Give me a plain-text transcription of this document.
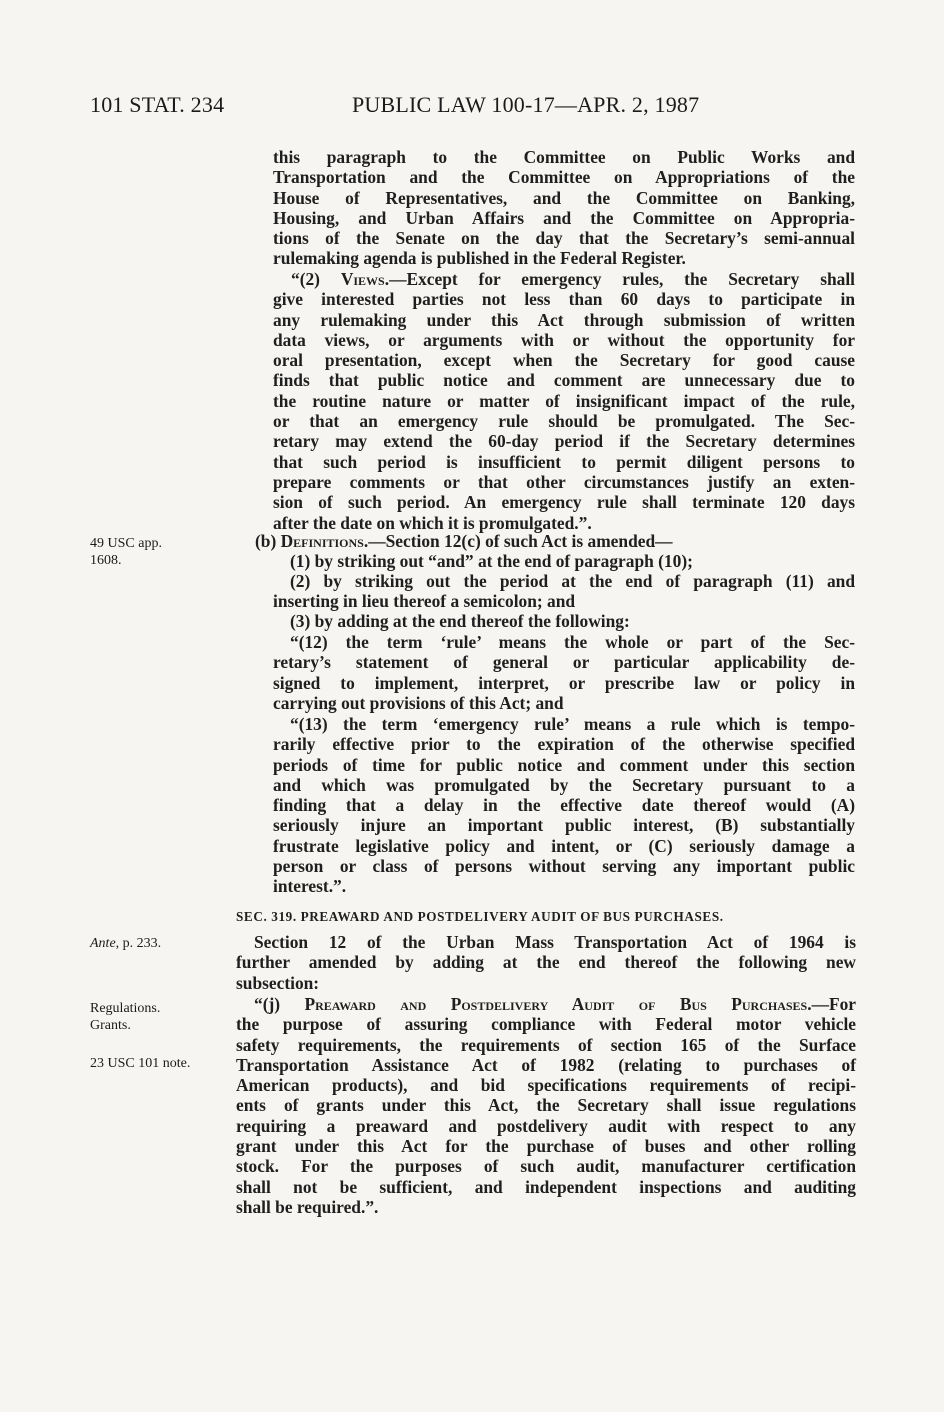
101 STAT. 234	PUBLIC LAW 100-17—APR. 2, 1987
this paragraph to the Committee on Public Works and
Transportation and the Committee on Appropriations of the
House of Representatives, and the Committee on Banking,
Housing, and Urban Affairs and the Committee on Appropria-
tions of the Senate on the day that the Secretary’s semi-annual
rulemaking agenda is published in the Federal Register.
“(2) Views.—Except for emergency rules, the Secretary shall
give interested parties not less than 60 days to participate in
any rulemaking under this Act through submission of written
data views, or arguments with or without the opportunity for
oral presentation, except when the Secretary for good cause
finds that public notice and comment are unnecessary due to
the routine nature or matter of insignificant impact of the rule,
or that an emergency rule should be promulgated. The Sec-
retary may extend the 60-day period if the Secretary determines
that such period is insufficient to permit diligent persons to
prepare comments or that other circumstances justify an exten-
sion of such period. An emergency rule shall terminate 120 days
after the date on which it is promulgated.”.
49 USC app.
1608.
(b) Definitions.—Section 12(c) of such Act is amended—
(1) by striking out “and” at the end of paragraph (10);
(2) by striking out the period at the end of paragraph (11) and
inserting in lieu thereof a semicolon; and
(3) by adding at the end thereof the following:
“(12) the term ‘rule’ means the whole or part of the Sec-
retary’s statement of general or particular applicability de-
signed to implement, interpret, or prescribe law or policy in
carrying out provisions of this Act; and
“(13) the term ‘emergency rule’ means a rule which is tempo-
rarily effective prior to the expiration of the otherwise specified
periods of time for public notice and comment under this section
and which was promulgated by the Secretary pursuant to a
finding that a delay in the effective date thereof would (A)
seriously injure an important public interest, (B) substantially
frustrate legislative policy and intent, or (C) seriously damage a
person or class of persons without serving any important public
interest.”.
SEC. 319. PREAWARD AND POSTDELIVERY AUDIT OF BUS PURCHASES.
Ante, p. 233.
Regulations.
Grants.
23 USC 101 note.
Section 12 of the Urban Mass Transportation Act of 1964 is
further amended by adding at the end thereof the following new
subsection:
“(j) Preaward and Postdelivery Audit of Bus Purchases.—For
the purpose of assuring compliance with Federal motor vehicle
safety requirements, the requirements of section 165 of the Surface
Transportation Assistance Act of 1982 (relating to purchases of
American products), and bid specifications requirements of recipi-
ents of grants under this Act, the Secretary shall issue regulations
requiring a preaward and postdelivery audit with respect to any
grant under this Act for the purchase of buses and other rolling
stock. For the purposes of such audit, manufacturer certification
shall not be sufficient, and independent inspections and auditing
shall be required.”.
